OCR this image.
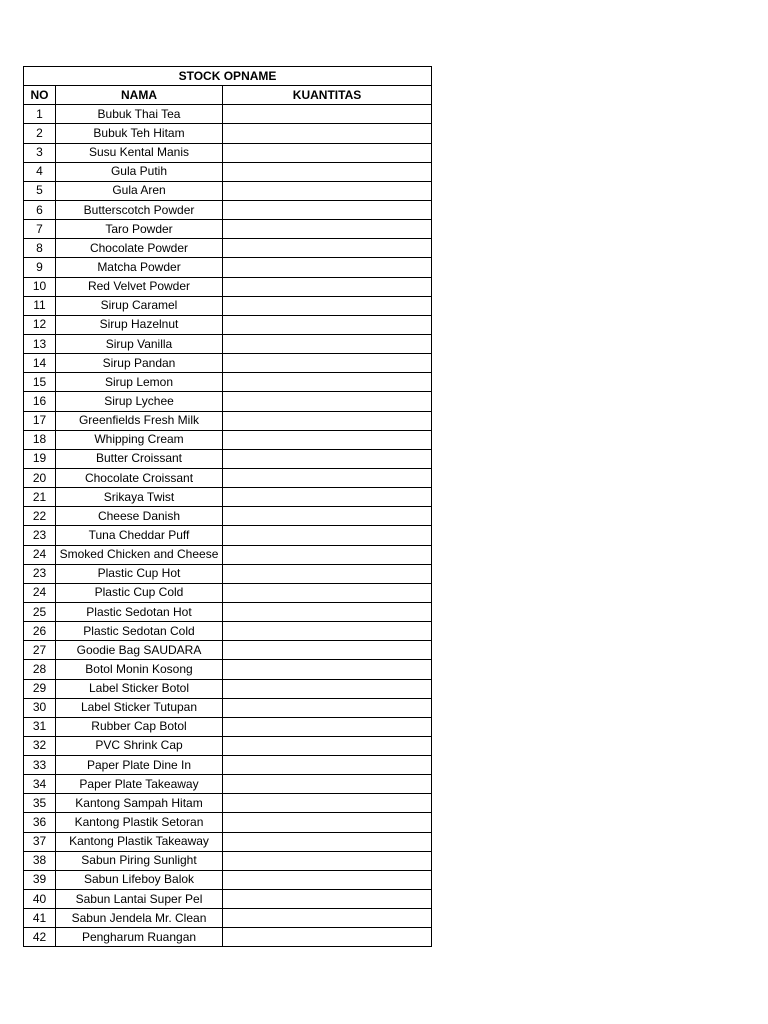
STOCK OPNAME		
NO	NAMA	KUANTITAS
1	Bubuk Thai Tea	
2	Bubuk Teh Hitam	
3	Susu Kental Manis	
4	Gula Putih	
5	Gula Aren	
6	Butterscotch Powder	
7	Taro Powder	
8	Chocolate Powder	
9	Matcha Powder	
10	Red Velvet Powder	
11	Sirup Caramel	
12	Sirup Hazelnut	
13	Sirup Vanilla	
14	Sirup Pandan	
15	Sirup Lemon	
16	Sirup Lychee	
17	Greenfields Fresh Milk	
18	Whipping Cream	
19	Butter Croissant	
20	Chocolate Croissant	
21	Srikaya Twist	
22	Cheese Danish	
23	Tuna Cheddar Puff	
24	Smoked Chicken and Cheese	
23	Plastic Cup Hot	
24	Plastic Cup Cold	
25	Plastic Sedotan Hot	
26	Plastic Sedotan Cold	
27	Goodie Bag SAUDARA	
28	Botol Monin Kosong	
29	Label Sticker Botol	
30	Label Sticker Tutupan	
31	Rubber Cap Botol	
32	PVC Shrink Cap	
33	Paper Plate Dine In	
34	Paper Plate Takeaway	
35	Kantong Sampah Hitam	
36	Kantong Plastik Setoran	
37	Kantong Plastik Takeaway	
38	Sabun Piring Sunlight	
39	Sabun Lifeboy Balok	
40	Sabun Lantai Super Pel	
41	Sabun Jendela Mr. Clean	
42	Pengharum Ruangan	
